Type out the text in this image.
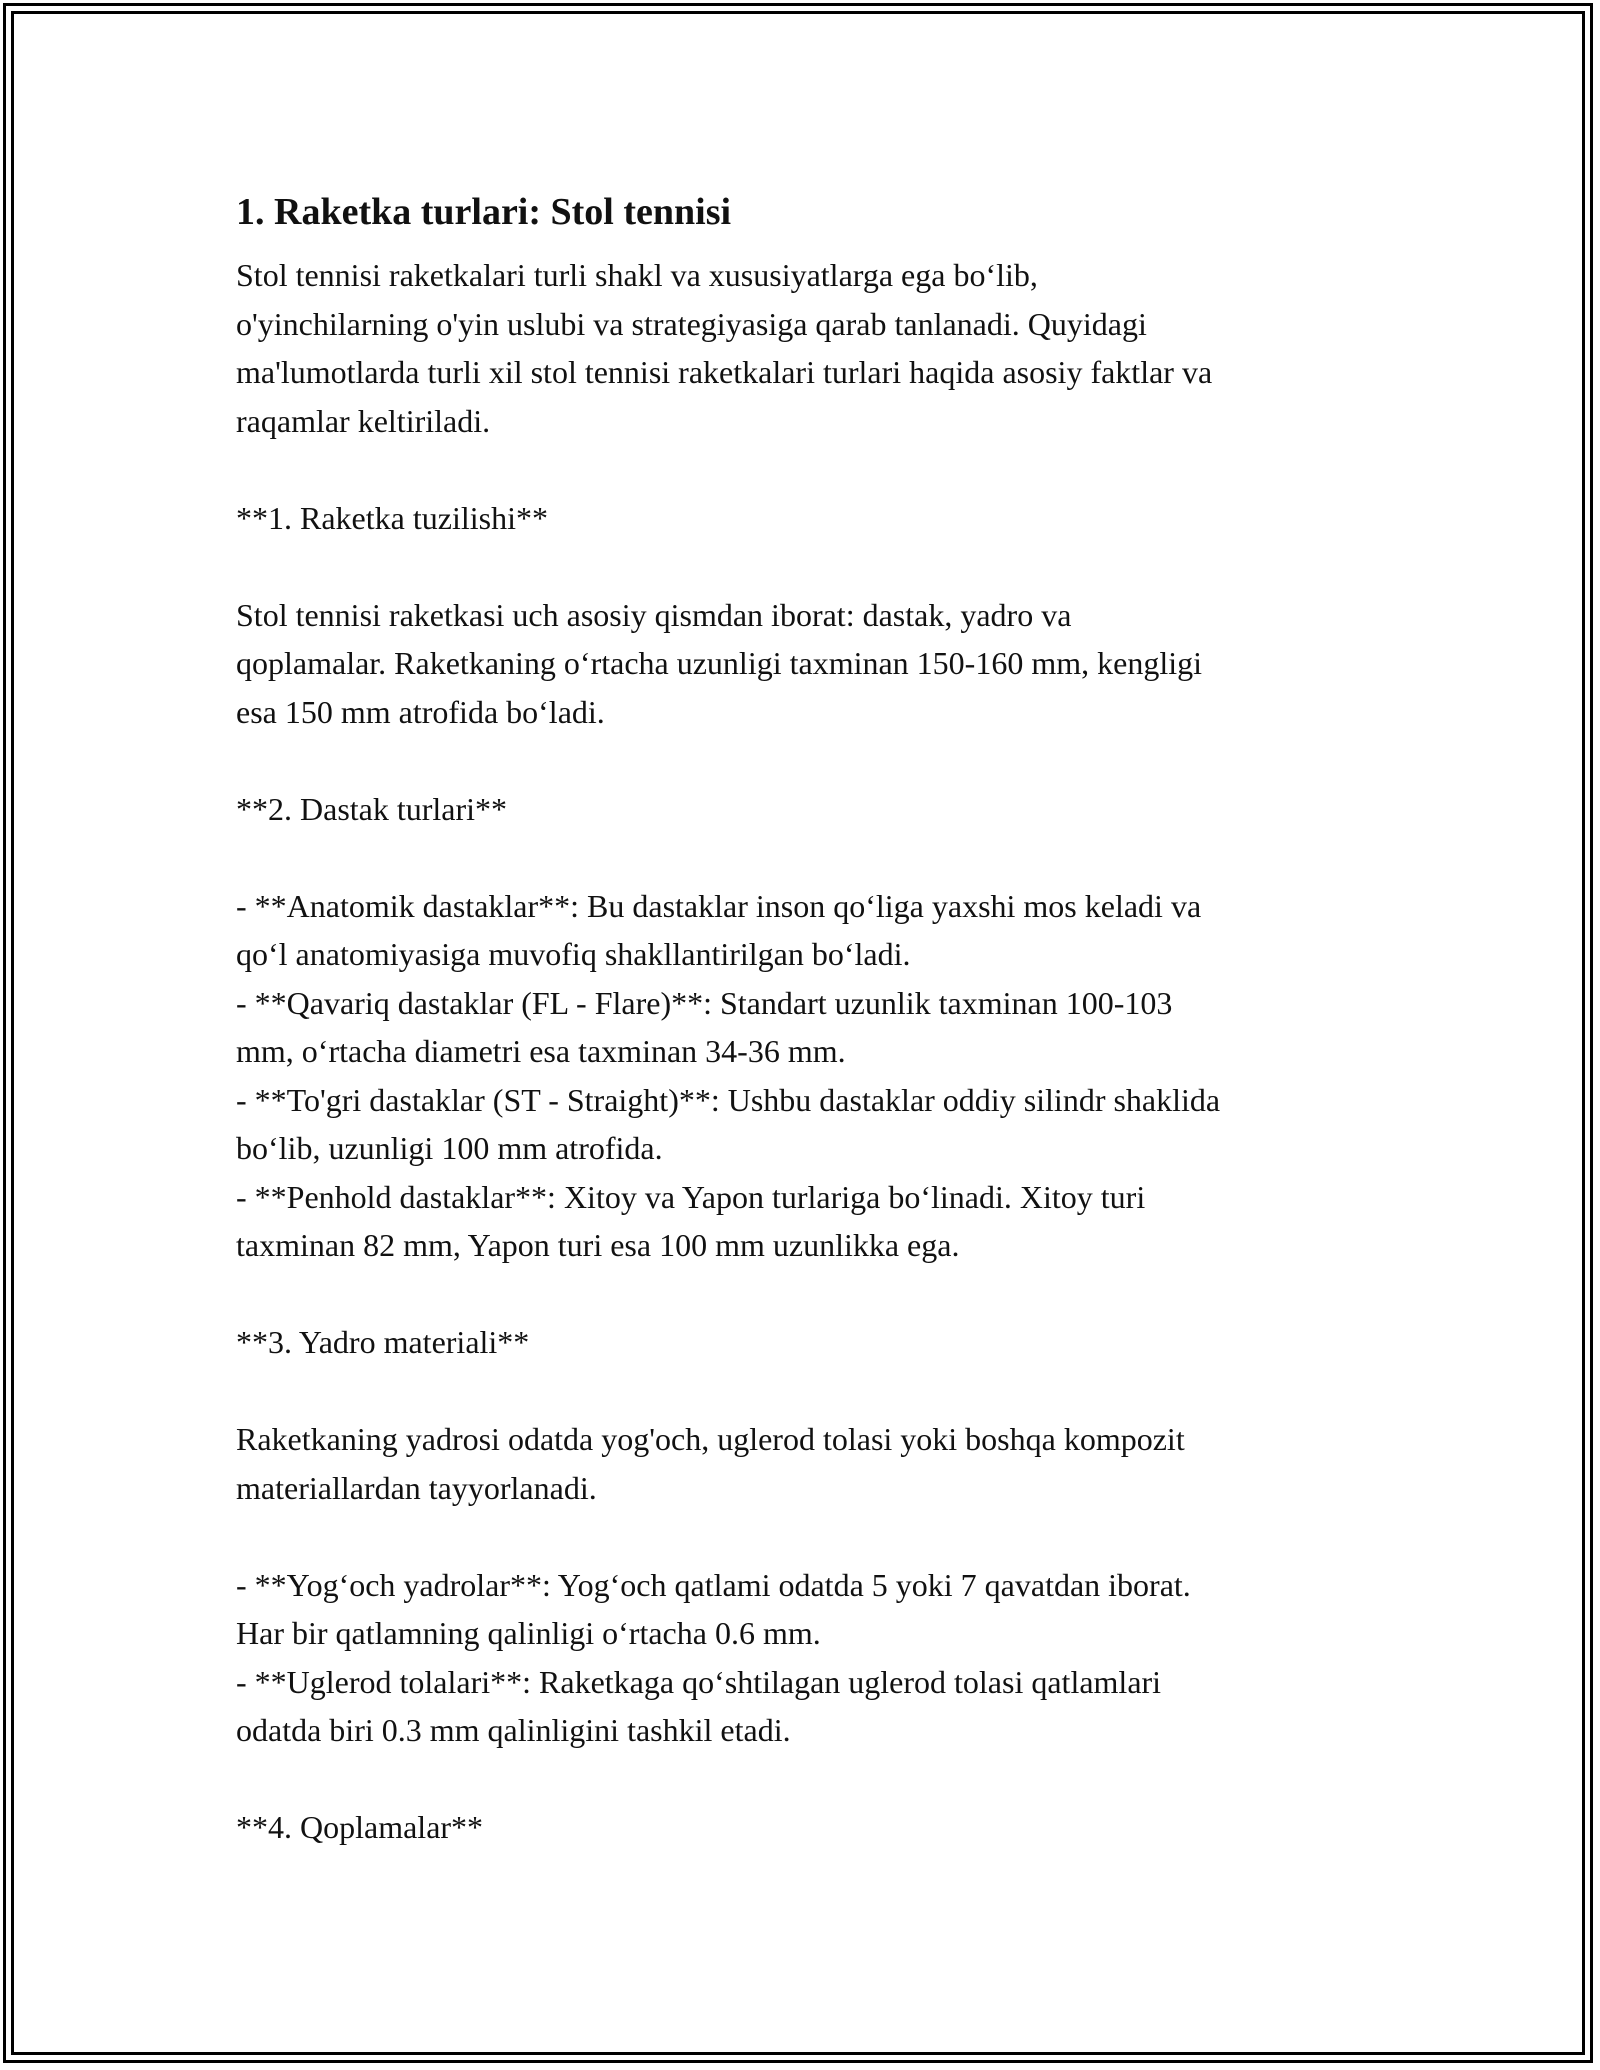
1. Raketka turlari: Stol tennisi

Stol tennisi raketkalari turli shakl va xususiyatlarga ega bo‘lib,
o'yinchilarning o'yin uslubi va strategiyasiga qarab tanlanadi. Quyidagi
ma'lumotlarda turli xil stol tennisi raketkalari turlari haqida asosiy faktlar va
raqamlar keltiriladi.

**1. Raketka tuzilishi**

Stol tennisi raketkasi uch asosiy qismdan iborat: dastak, yadro va
qoplamalar. Raketkaning o‘rtacha uzunligi taxminan 150-160 mm, kengligi
esa 150 mm atrofida bo‘ladi.

**2. Dastak turlari**

- **Anatomik dastaklar**: Bu dastaklar inson qo‘liga yaxshi mos keladi va
qo‘l anatomiyasiga muvofiq shakllantirilgan bo‘ladi.
- **Qavariq dastaklar (FL - Flare)**: Standart uzunlik taxminan 100-103
mm, o‘rtacha diametri esa taxminan 34-36 mm.
- **To'gri dastaklar (ST - Straight)**: Ushbu dastaklar oddiy silindr shaklida
bo‘lib, uzunligi 100 mm atrofida.
- **Penhold dastaklar**: Xitoy va Yapon turlariga bo‘linadi. Xitoy turi
taxminan 82 mm, Yapon turi esa 100 mm uzunlikka ega.

**3. Yadro materiali**

Raketkaning yadrosi odatda yog'och, uglerod tolasi yoki boshqa kompozit
materiallardan tayyorlanadi.

- **Yog‘och yadrolar**: Yog‘och qatlami odatda 5 yoki 7 qavatdan iborat.
Har bir qatlamning qalinligi o‘rtacha 0.6 mm.
- **Uglerod tolalari**: Raketkaga qo‘shtilagan uglerod tolasi qatlamlari
odatda biri 0.3 mm qalinligini tashkil etadi.

**4. Qoplamalar**
